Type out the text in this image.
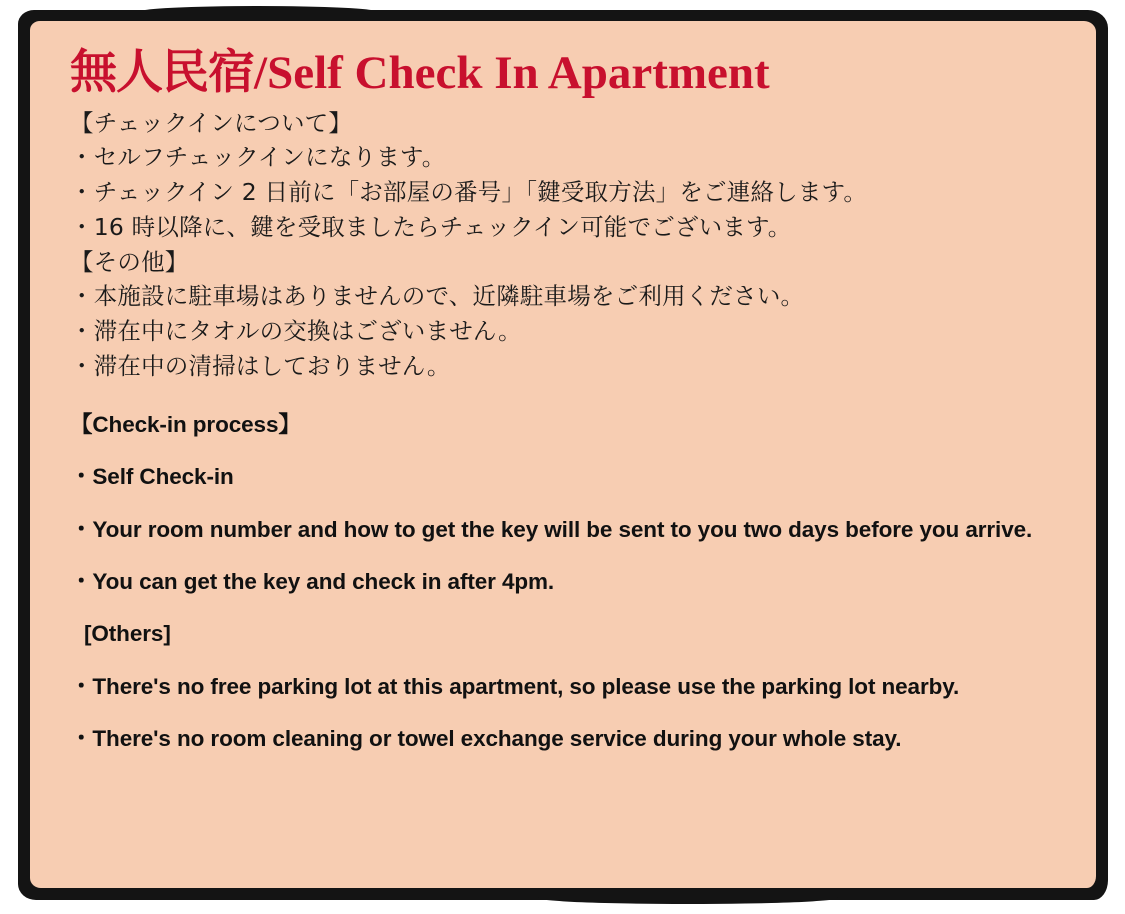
無人民宿/Self Check In Apartment
【チェックインについて】
・セルフチェックインになります。
・チェックイン 2 日前に「お部屋の番号」「鍵受取方法」をご連絡します。
・16 時以降に、鍵を受取ましたらチェックイン可能でございます。
【その他】
・本施設に駐車場はありませんので、近隣駐車場をご利用ください。
・滞在中にタオルの交換はございません。
・滞在中の清掃はしておりません。

【Check-in process】

・Self Check-in

・Your room number and how to get the key will be sent to you two days before you arrive.

・You can get the key and check in after 4pm.

[Others]

・There's no free parking lot at this apartment, so please use the parking lot nearby.

・There's no room cleaning or towel exchange service during your whole stay.
